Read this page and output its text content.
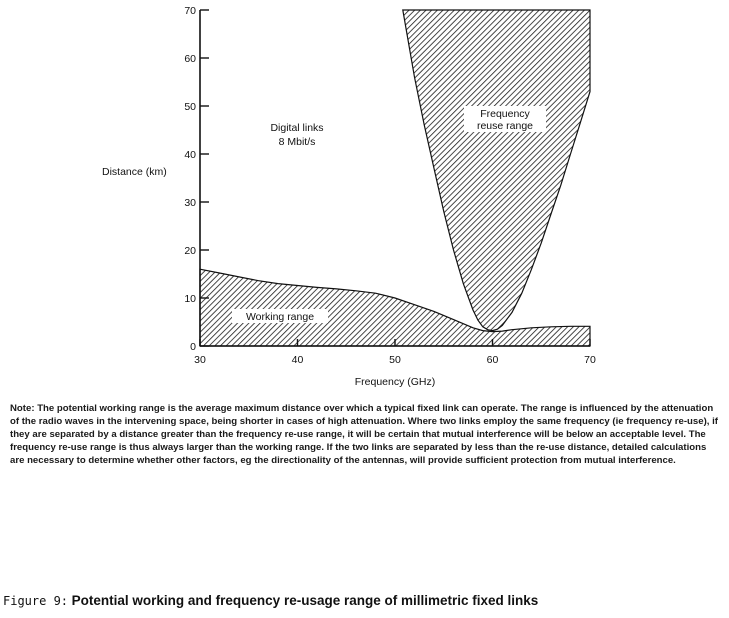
0
10
20
30
40
50
60
70
30	40	50	60	70
Distance (km)
Frequency (GHz)
Digital links 8 Mbit/s
Working range
Frequency reuse range

Note: The potential working range is the average maximum distance over which a typical fixed link can operate. The range is influenced by the attenuation of the radio waves in the intervening space, being shorter in cases of high attenuation. Where two links employ the same frequency (ie frequency re-use), if they are separated by a distance greater than the frequency re-use range, it will be certain that mutual interference will be below an acceptable level. The frequency re-use range is thus always larger than the working range. If the two links are separated by less than the re-use distance, detailed calculations are necessary to determine whether other factors, eg the directionality of the antennas, will provide sufficient protection from mutual interference.

Figure 9: Potential working and frequency re-usage range of millimetric fixed links
